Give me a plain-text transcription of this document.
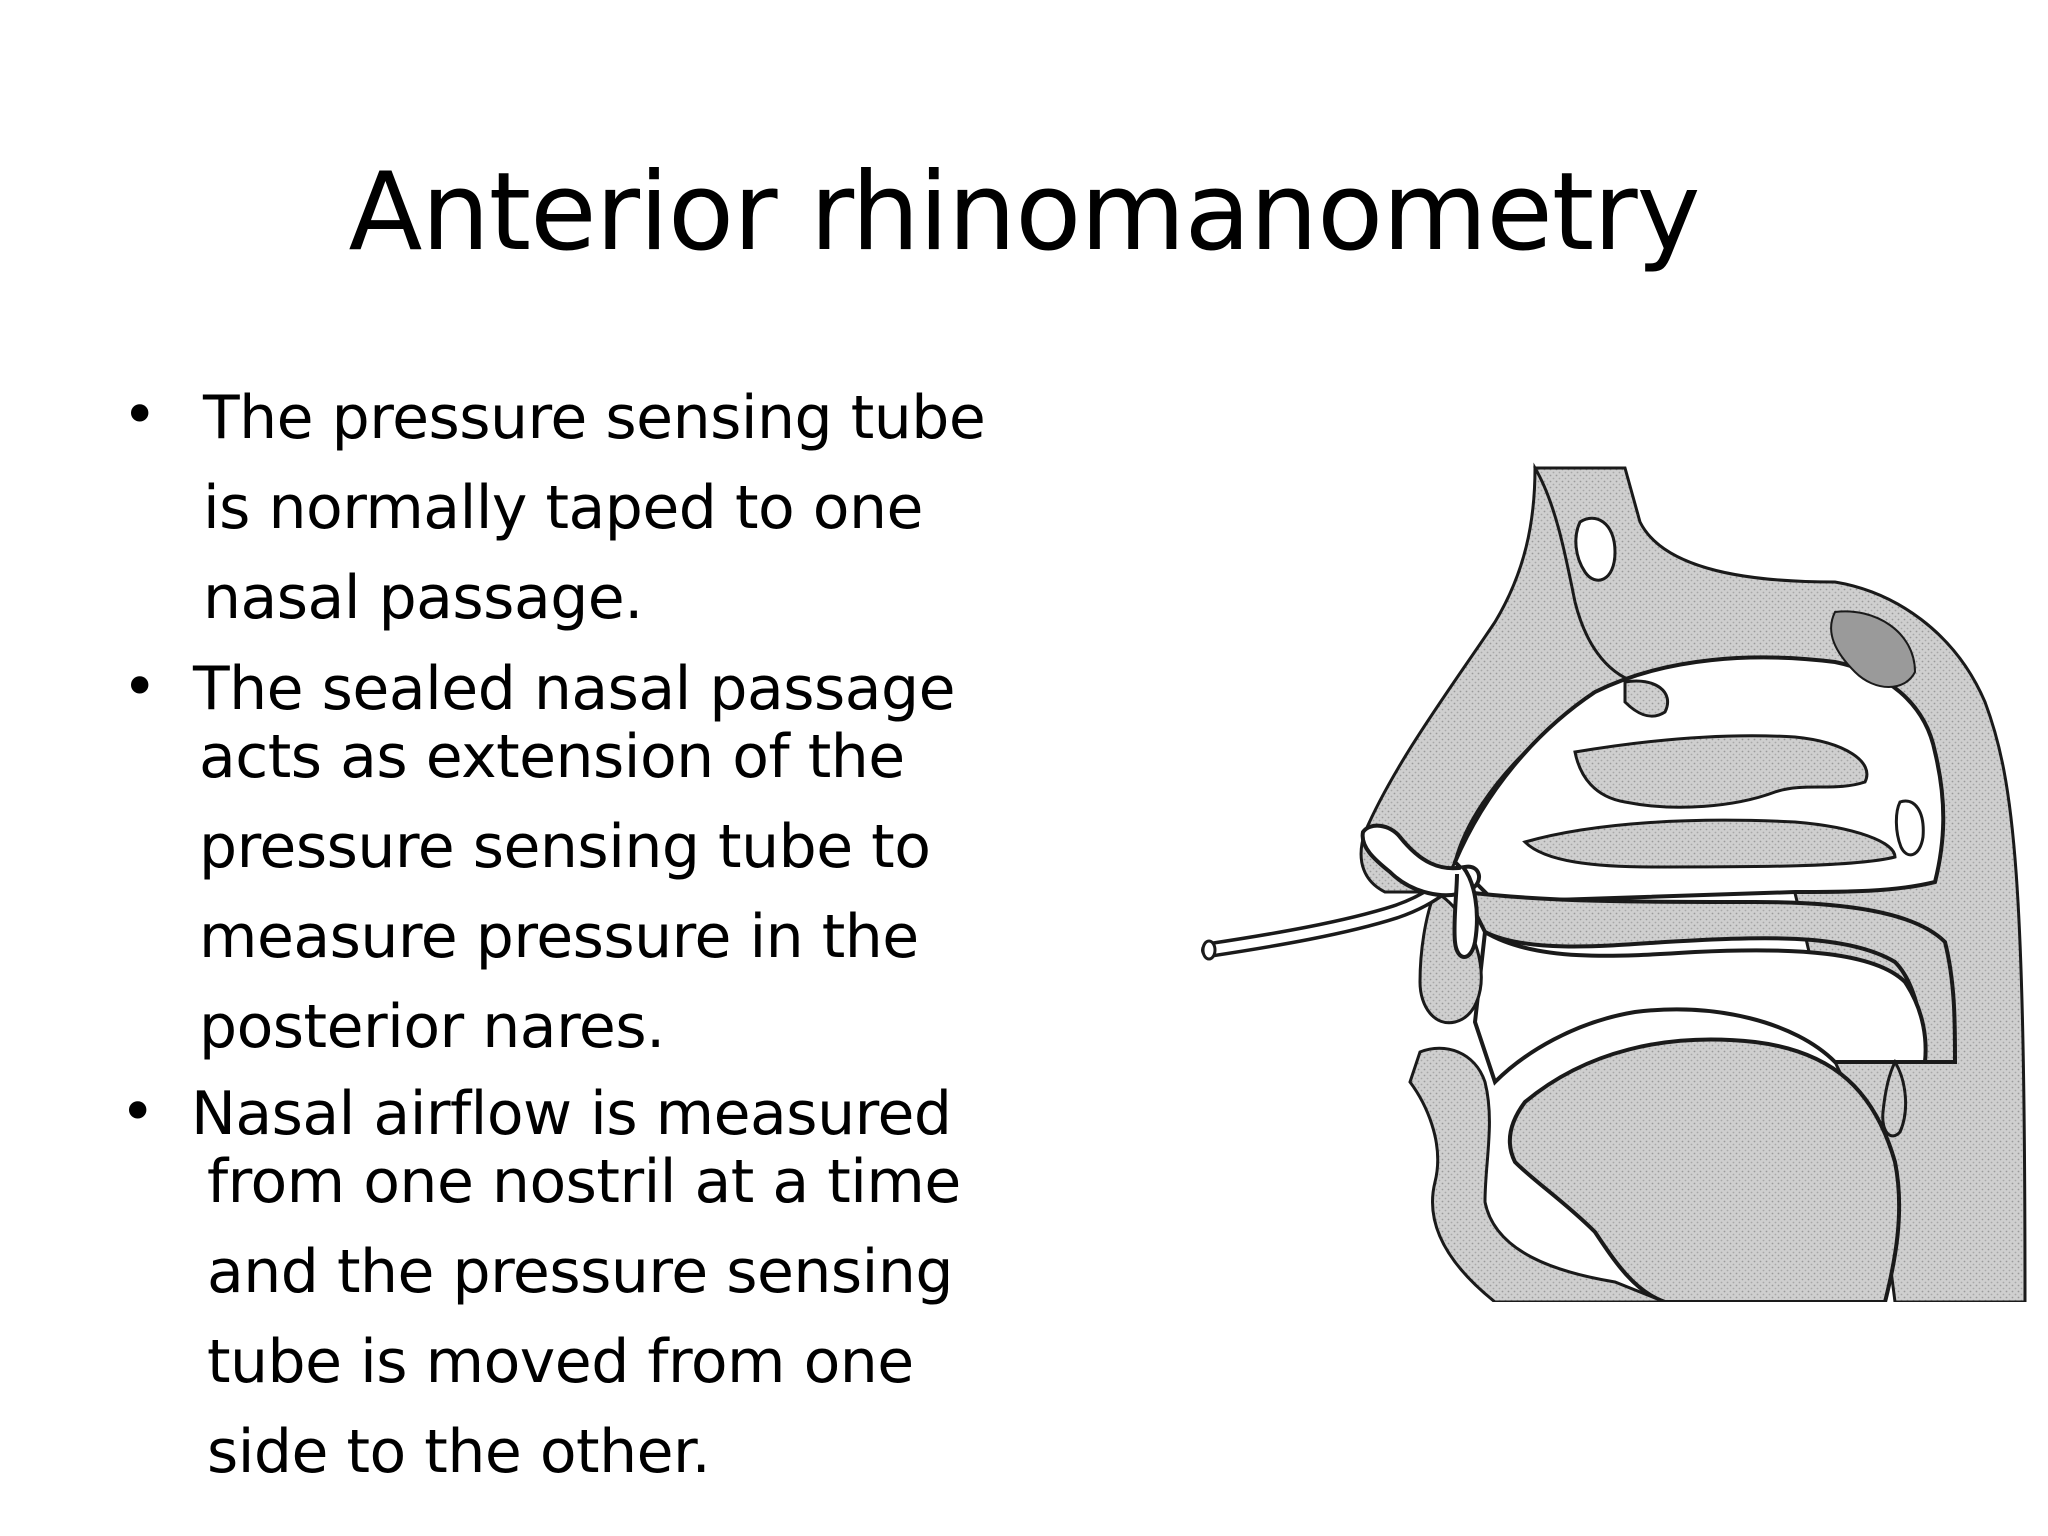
Anterior rhinomanometry
• The pressure sensing tube
is normally taped to one
nasal passage.
• The sealed nasal passage
acts as extension of the
pressure sensing tube to
measure pressure in the
posterior nares.
• Nasal airflow is measured
from one nostril at a time
and the pressure sensing
tube is moved from one
side to the other.
